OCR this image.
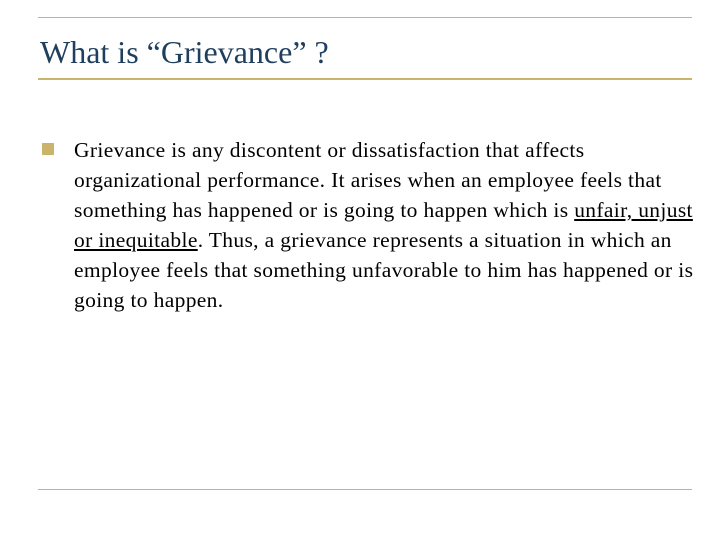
What is “Grievance” ?
Grievance is any discontent or dissatisfaction that affects organizational performance. It arises when an employee feels that something has happened or is going to happen which is unfair, unjust or inequitable. Thus, a grievance represents a situation in which an employee feels that something unfavorable to him has happened or is going to happen.
